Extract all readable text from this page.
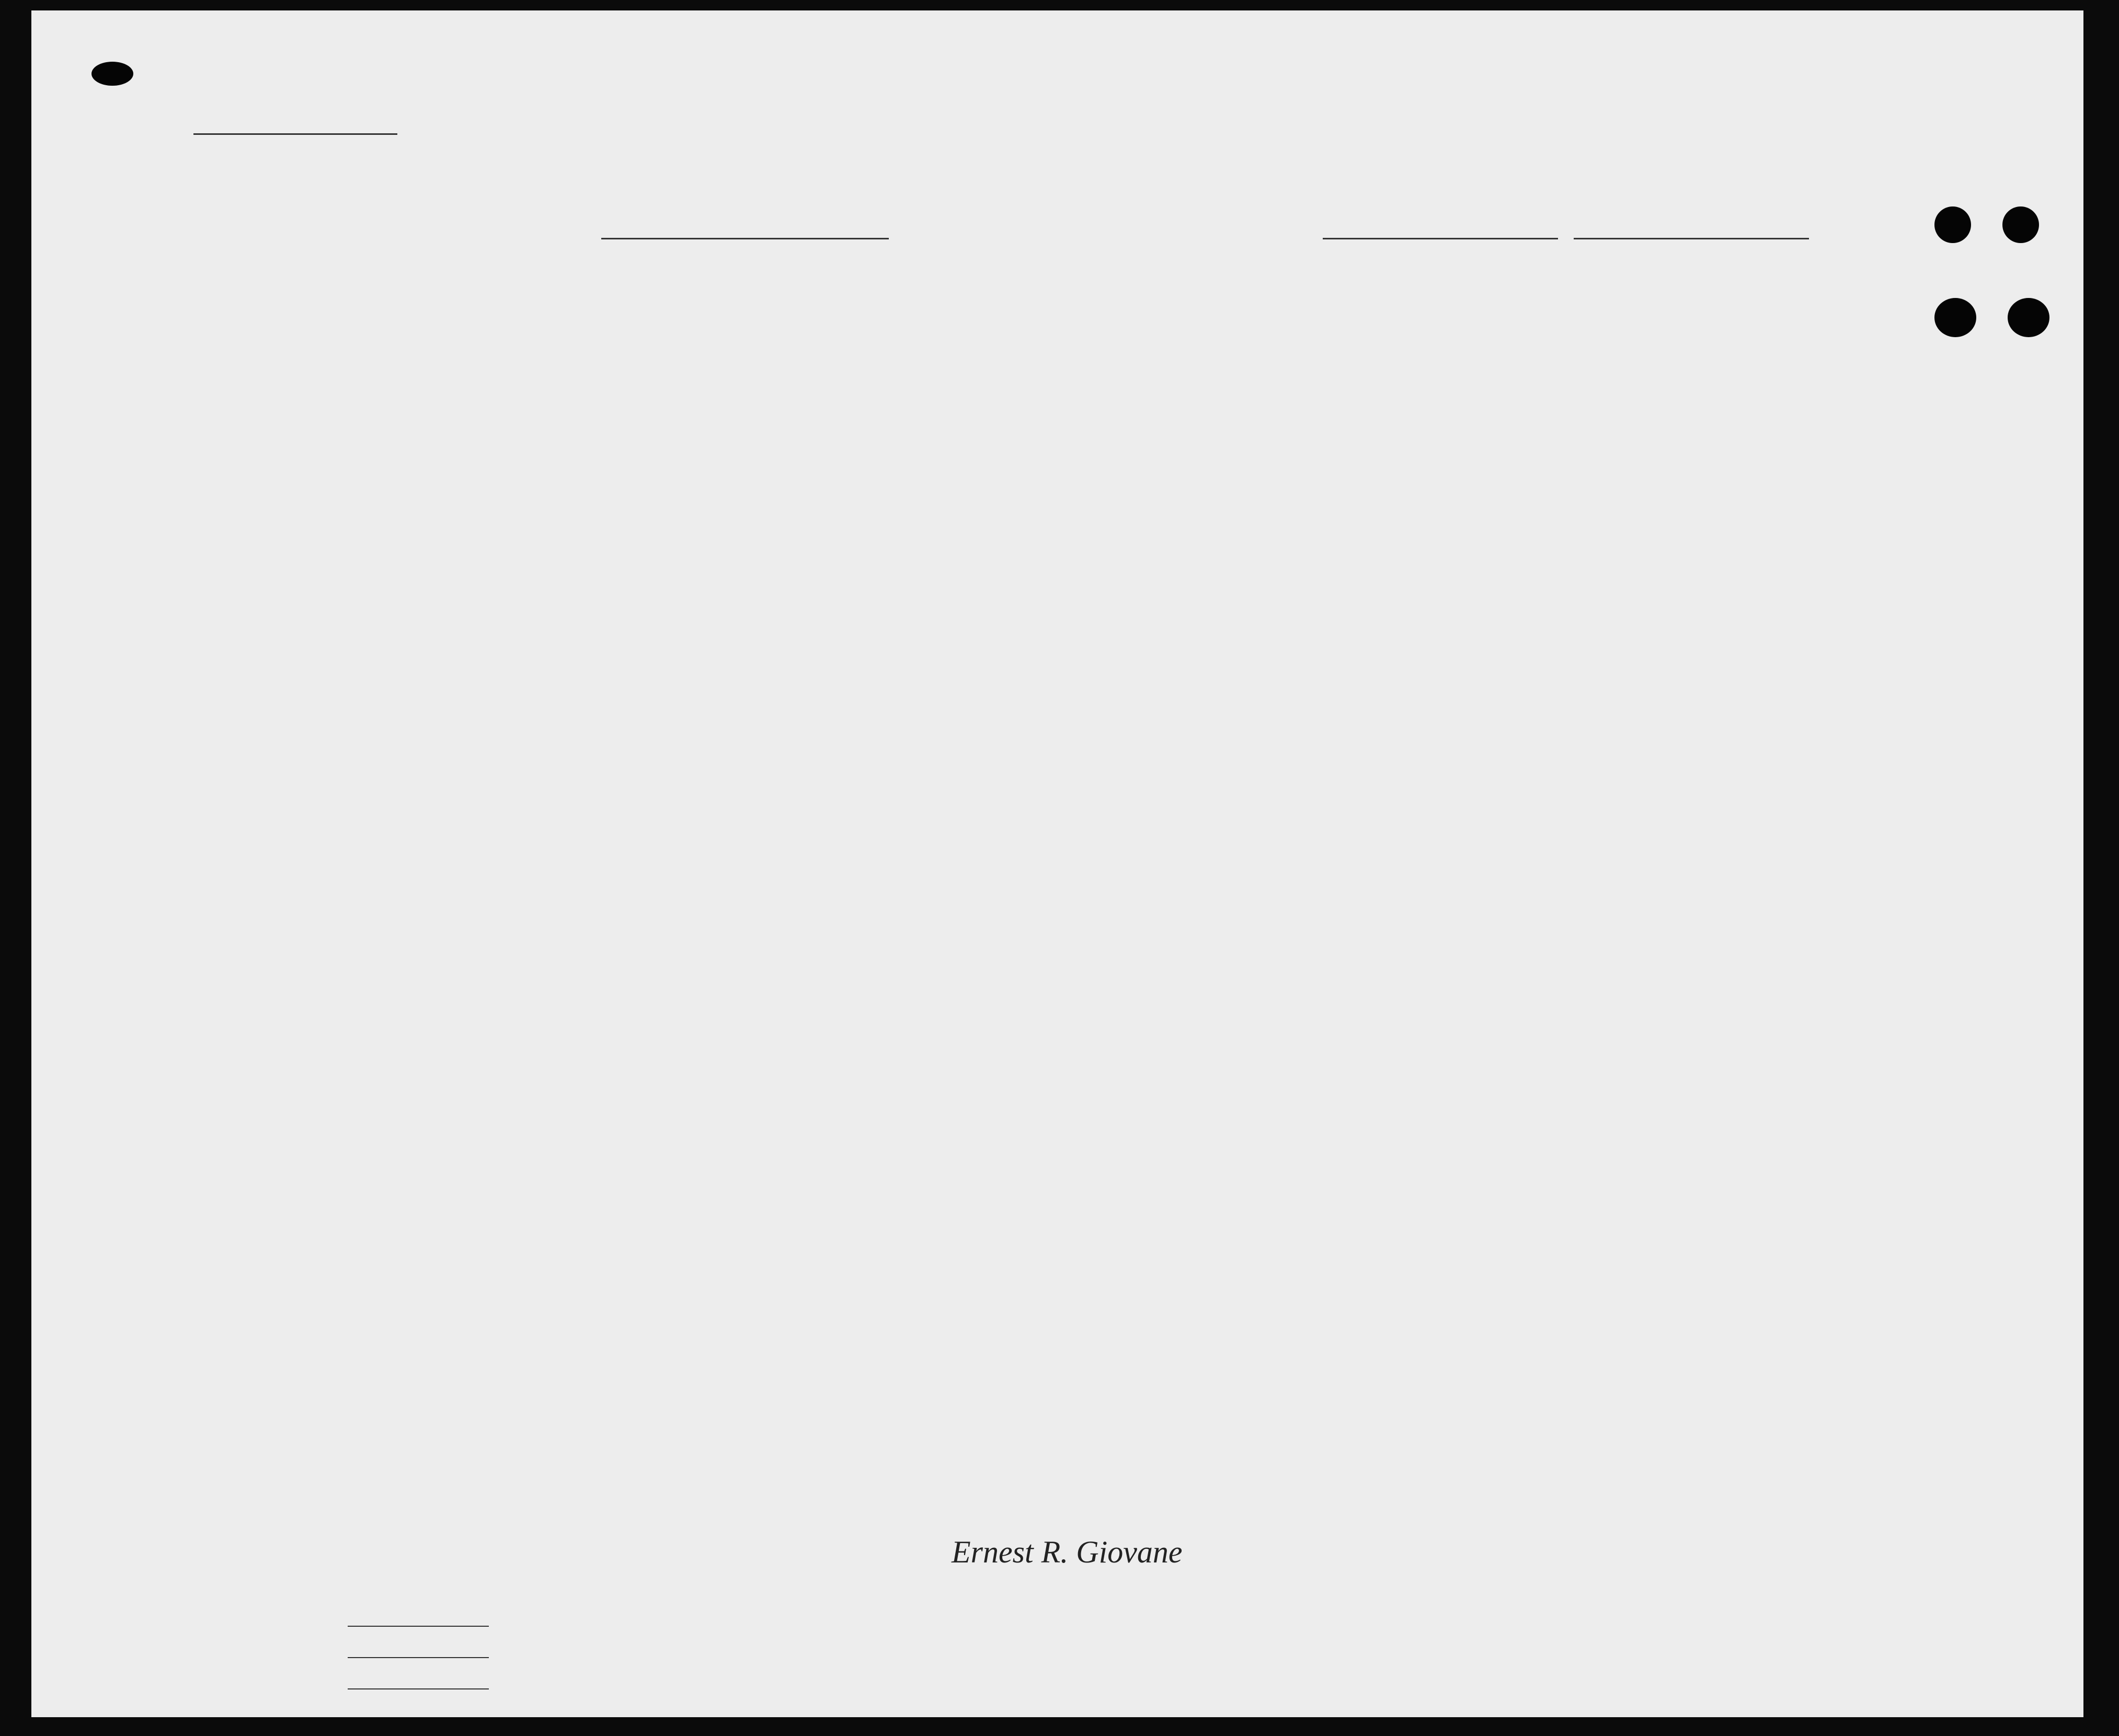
Ernest R. Giovane
